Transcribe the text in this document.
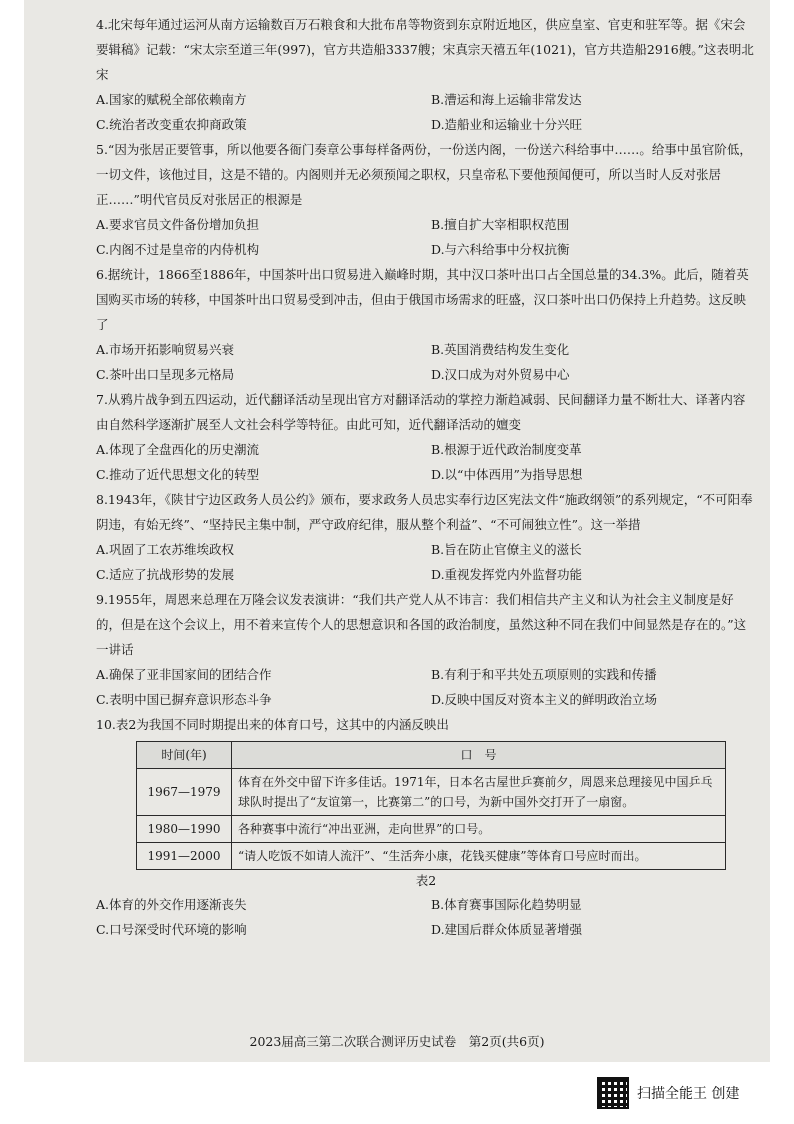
4.北宋每年通过运河从南方运输数百万石粮食和大批布帛等物资到东京附近地区，供应皇室、官吏和驻军等。据《宋会要辑稿》记载：“宋太宗至道三年(997)，官方共造船3337艘；宋真宗天禧五年(1021)，官方共造船2916艘。”这表明北宋

A.国家的赋税全部依赖南方	B.漕运和海上运输非常发达
C.统治者改变重农抑商政策	D.造船业和运输业十分兴旺

5.“因为张居正要管事，所以他要各衙门奏章公事每样备两份，一份送内阁，一份送六科给事中……。给事中虽官阶低，一切文件，该他过目，这是不错的。内阁则并无必须预闻之职权，只皇帝私下要他预闻便可，所以当时人反对张居正……”明代官员反对张居正的根源是

A.要求官员文件备份增加负担	B.擅自扩大宰相职权范围
C.内阁不过是皇帝的内侍机构	D.与六科给事中分权抗衡

6.据统计，1866至1886年，中国茶叶出口贸易进入巅峰时期，其中汉口茶叶出口占全国总量的34.3%。此后，随着英国购买市场的转移，中国茶叶出口贸易受到冲击，但由于俄国市场需求的旺盛，汉口茶叶出口仍保持上升趋势。这反映了

A.市场开拓影响贸易兴衰	B.英国消费结构发生变化
C.茶叶出口呈现多元格局	D.汉口成为对外贸易中心

7.从鸦片战争到五四运动，近代翻译活动呈现出官方对翻译活动的掌控力渐趋减弱、民间翻译力量不断壮大、译著内容由自然科学逐渐扩展至人文社会科学等特征。由此可知，近代翻译活动的嬗变

A.体现了全盘西化的历史潮流	B.根源于近代政治制度变革
C.推动了近代思想文化的转型	D.以“中体西用”为指导思想

8.1943年，《陕甘宁边区政务人员公约》颁布，要求政务人员忠实奉行边区宪法文件“施政纲领”的系列规定，“不可阳奉阴违，有始无终”、“坚持民主集中制，严守政府纪律，服从整个利益”、“不可闹独立性”。这一举措

A.巩固了工农苏维埃政权	B.旨在防止官僚主义的滋长
C.适应了抗战形势的发展	D.重视发挥党内外监督功能

9.1955年，周恩来总理在万隆会议发表演讲：“我们共产党人从不讳言：我们相信共产主义和认为社会主义制度是好的，但是在这个会议上，用不着来宣传个人的思想意识和各国的政治制度，虽然这种不同在我们中间显然是存在的。”这一讲话

A.确保了亚非国家间的团结合作	B.有利于和平共处五项原则的实践和传播
C.表明中国已摒弃意识形态斗争	D.反映中国反对资本主义的鲜明政治立场

10.表2为我国不同时期提出来的体育口号，这其中的内涵反映出

时间(年)	口　号
1967—1979	体育在外交中留下许多佳话。1971年，日本名古屋世乒赛前夕，周恩来总理接见中国乒乓球队时提出了“友谊第一，比赛第二”的口号，为新中国外交打开了一扇窗。
1980—1990	各种赛事中流行“冲出亚洲，走向世界”的口号。
1991—2000	“请人吃饭不如请人流汗”、“生活奔小康，花钱买健康”等体育口号应时而出。

表2

A.体育的外交作用逐渐丧失	B.体育赛事国际化趋势明显
C.口号深受时代环境的影响	D.建国后群众体质显著增强
2023届高三第二次联合测评历史试卷　第2页(共6页)
扫描全能王 创建
